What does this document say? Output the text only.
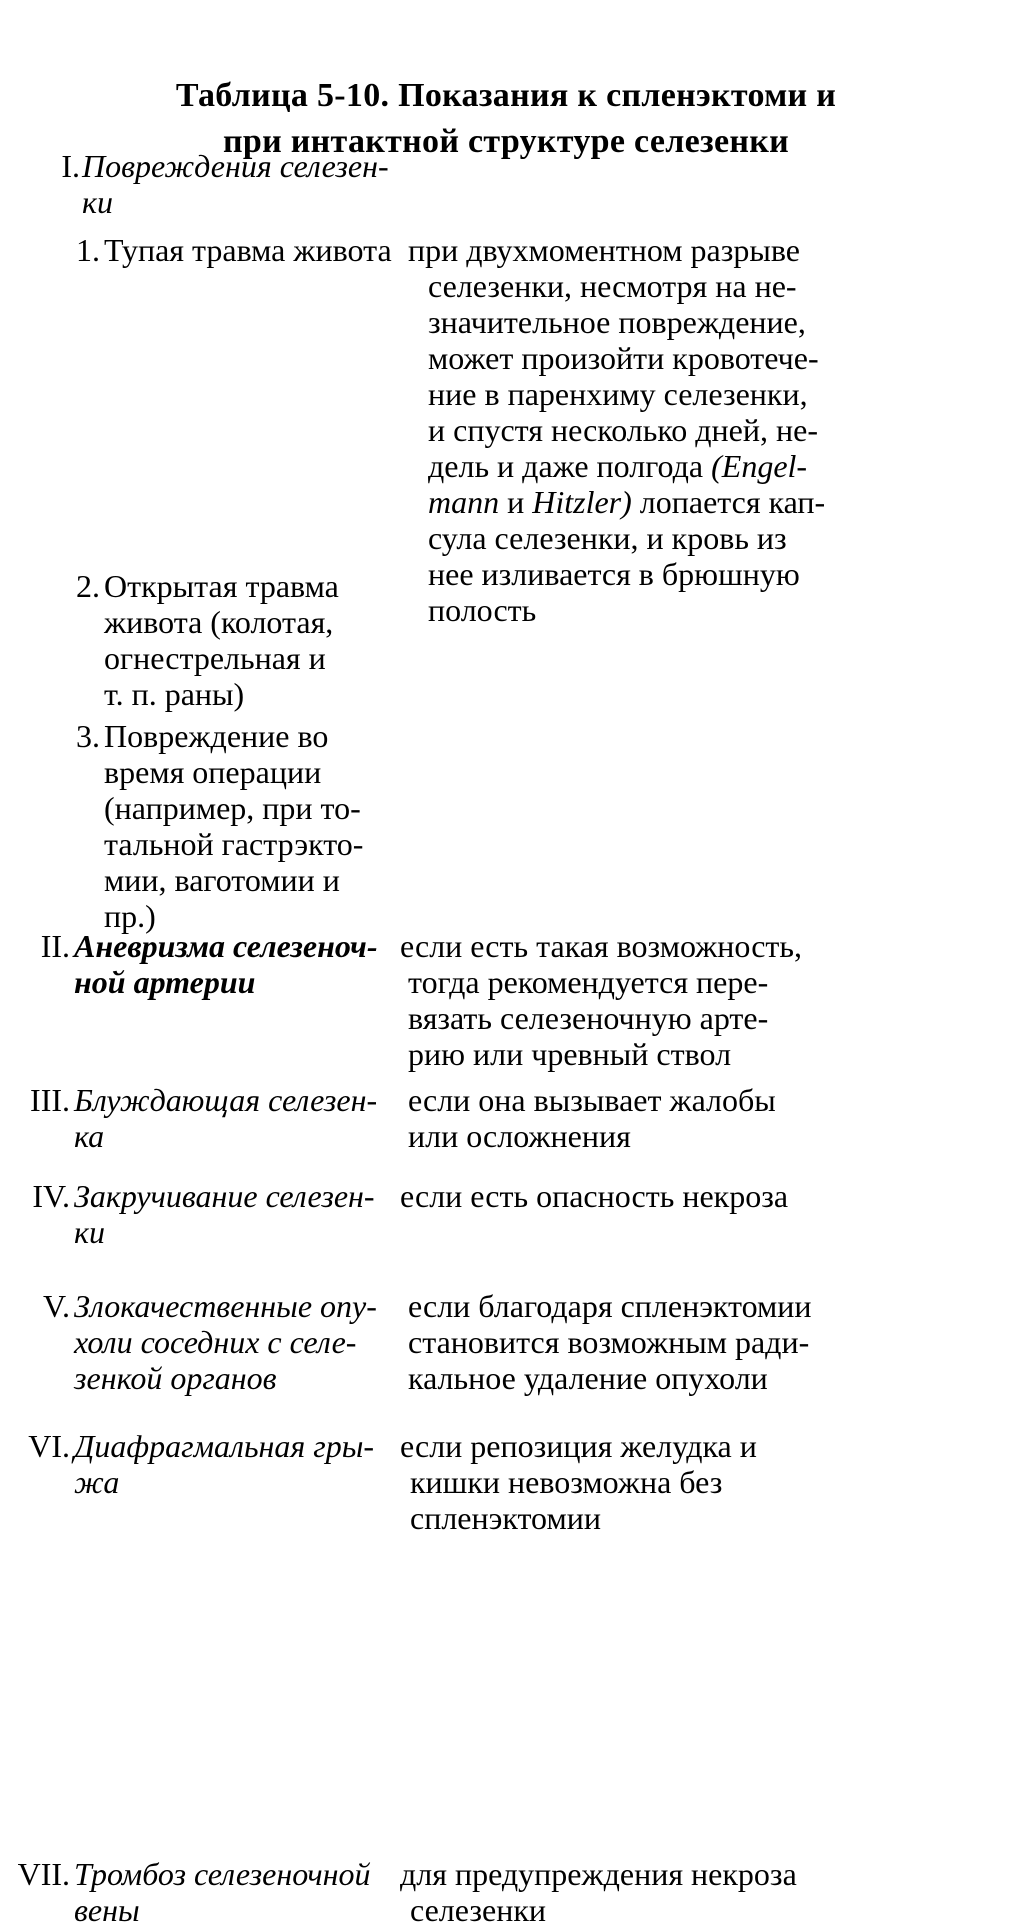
Таблица 5-10. Показания к спленэктоми и
при интактной структуре селезенки
I. Повреждения селезен-
ки
1. Тупая травма живота при двухмоментном разрыве
селезенки, несмотря на не-
значительное повреждение,
может произойти кровотече-
ние в паренхиму селезенки,
и спустя несколько дней, не-
дель и даже полгода (Engel-
mann и Hitzler) лопается кап-
сула селезенки, и кровь из
нее изливается в брюшную
полость
2. Открытая травма
живота (колотая,
огнестрельная и
т. п. раны)
3. Повреждение во
время операции
(например, при то-
тальной гастрэкто-
мии, ваготомии и
пр.)
II. Аневризма селезеноч-
ной артерии
если есть такая возможность,
тогда рекомендуется пере-
вязать селезеночную арте-
рию или чревный ствол
III. Блуждающая селезен-
ка
если она вызывает жалобы
или осложнения
IV. Закручивание селезен-
ки
если есть опасность некроза
V. Злокачественные опу-
холи соседних с селе-
зенкой органов
если благодаря спленэктомии
становится возможным ради-
кальное удаление опухоли
VI. Диафрагмальная гры-
жа
если репозиция желудка и
кишки невозможна без
спленэктомии
VII. Тромбоз селезеночной
вены
для предупреждения некроза
селезенки
